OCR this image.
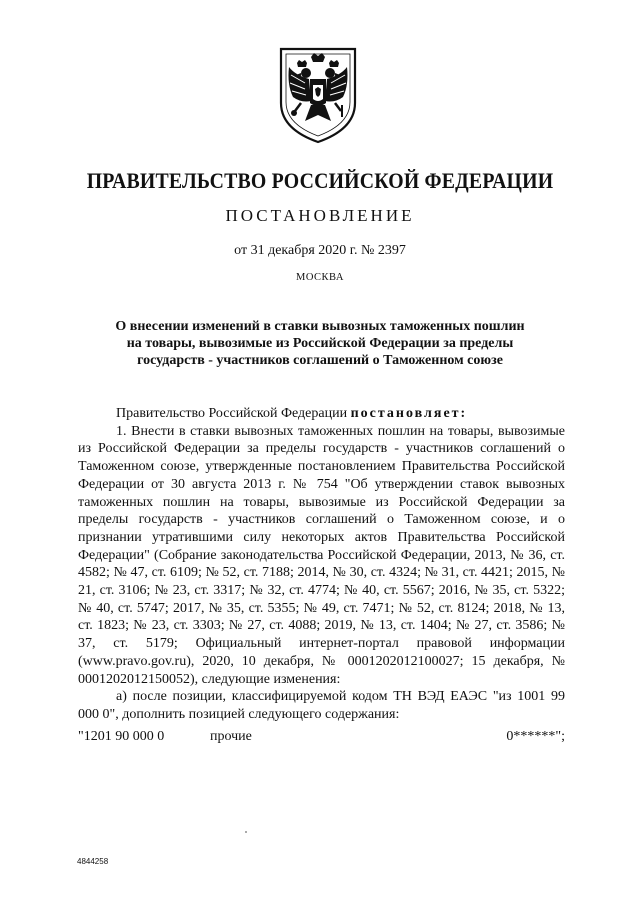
ПРАВИТЕЛЬСТВО РОССИЙСКОЙ ФЕДЕРАЦИИ
ПОСТАНОВЛЕНИЕ
от 31 декабря 2020 г. № 2397
МОСКВА
О внесении изменений в ставки вывозных таможенных пошлин
на товары, вывозимые из Российской Федерации за пределы
государств - участников соглашений о Таможенном союзе

Правительство Российской Федерации постановляет:

1. Внести в ставки вывозных таможенных пошлин на товары, вывозимые из Российской Федерации за пределы государств - участников соглашений о Таможенном союзе, утвержденные постановлением Правительства Российской Федерации от 30 августа 2013 г. № 754 "Об утверждении ставок вывозных таможенных пошлин на товары, вывозимые из Российской Федерации за пределы государств - участников соглашений о Таможенном союзе, и о признании утратившими силу некоторых актов Правительства Российской Федерации" (Собрание законодательства Российской Федерации, 2013, № 36, ст. 4582; № 47, ст. 6109; № 52, ст. 7188; 2014, № 30, ст. 4324; № 31, ст. 4421; 2015, № 21, ст. 3106; № 23, ст. 3317; № 32, ст. 4774; № 40, ст. 5567; 2016, № 35, ст. 5322; № 40, ст. 5747; 2017, № 35, ст. 5355; № 49, ст. 7471; № 52, ст. 8124; 2018, № 13, ст. 1823; № 23, ст. 3303; № 27, ст. 4088; 2019, № 13, ст. 1404; № 27, ст. 3586; № 37, ст. 5179; Официальный интернет-портал правовой информации (www.pravo.gov.ru), 2020, 10 декабря, № 0001202012100027; 15 декабря, № 0001202012150052), следующие изменения:

а) после позиции, классифицируемой кодом ТН ВЭД ЕАЭС "из 1001 99 000 0", дополнить позицией следующего содержания:

"1201 90 000 0	прочие	0******";
4844258
